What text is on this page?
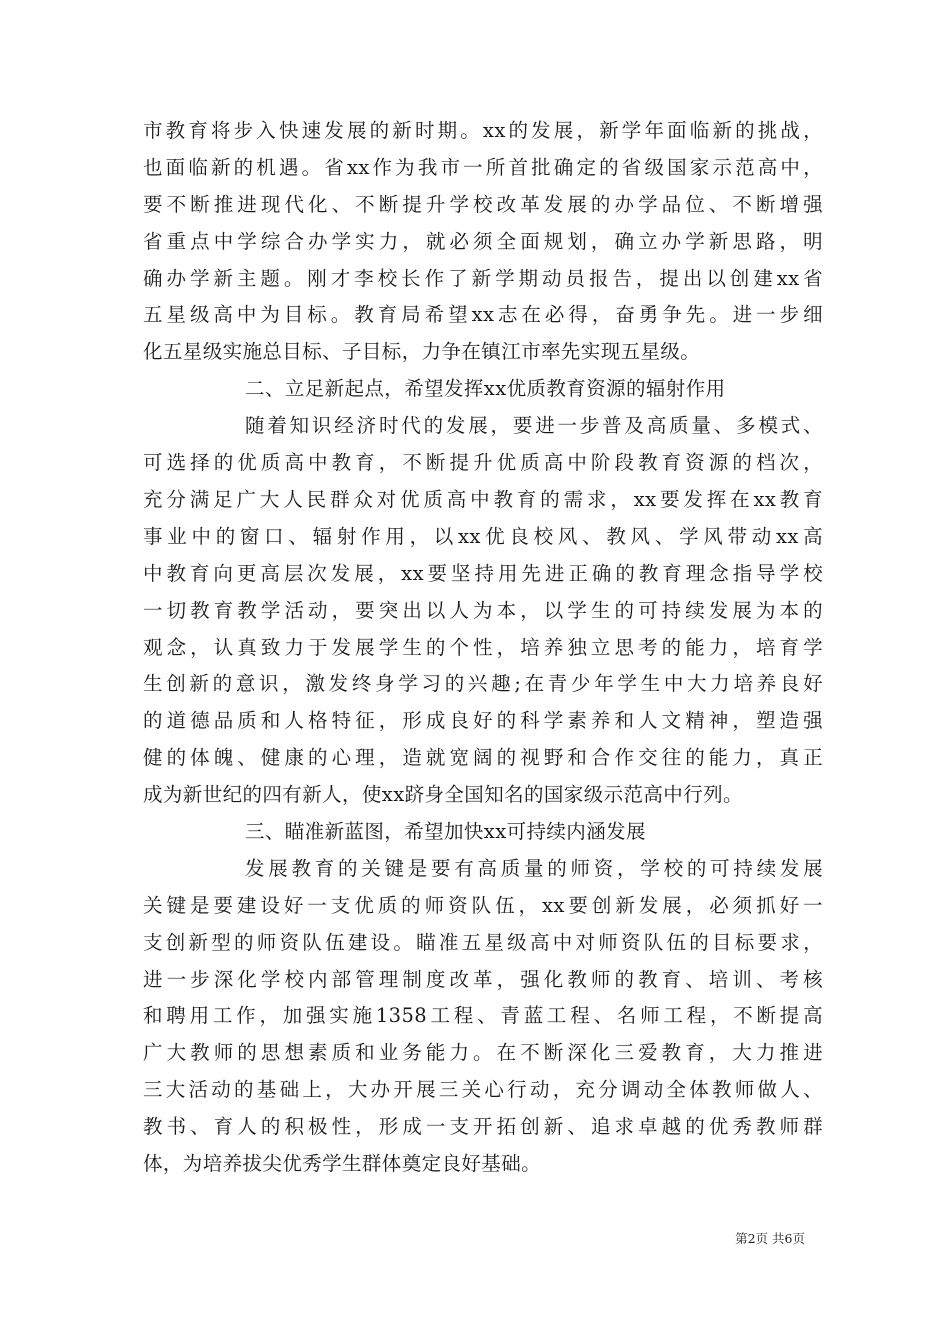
市教育将步入快速发展的新时期。xx的发展，新学年面临新的挑战，
也面临新的机遇。省xx作为我市一所首批确定的省级国家示范高中，
要不断推进现代化、不断提升学校改革发展的办学品位、不断增强
省重点中学综合办学实力，就必须全面规划，确立办学新思路，明
确办学新主题。刚才李校长作了新学期动员报告，提出以创建xx省
五星级高中为目标。教育局希望xx志在必得，奋勇争先。进一步细
化五星级实施总目标、子目标，力争在镇江市率先实现五星级。
二、立足新起点，希望发挥xx优质教育资源的辐射作用
随着知识经济时代的发展，要进一步普及高质量、多模式、
可选择的优质高中教育，不断提升优质高中阶段教育资源的档次，
充分满足广大人民群众对优质高中教育的需求，xx要发挥在xx教育
事业中的窗口、辐射作用，以xx优良校风、教风、学风带动xx高
中教育向更高层次发展，xx要坚持用先进正确的教育理念指导学校
一切教育教学活动，要突出以人为本，以学生的可持续发展为本的
观念，认真致力于发展学生的个性，培养独立思考的能力，培育学
生创新的意识，激发终身学习的兴趣;在青少年学生中大力培养良好
的道德品质和人格特征，形成良好的科学素养和人文精神，塑造强
健的体魄、健康的心理，造就宽阔的视野和合作交往的能力，真正
成为新世纪的四有新人，使xx跻身全国知名的国家级示范高中行列。
三、瞄准新蓝图，希望加快xx可持续内涵发展
发展教育的关键是要有高质量的师资，学校的可持续发展
关键是要建设好一支优质的师资队伍，xx要创新发展，必须抓好一
支创新型的师资队伍建设。瞄准五星级高中对师资队伍的目标要求，
进一步深化学校内部管理制度改革，强化教师的教育、培训、考核
和聘用工作，加强实施1358工程、青蓝工程、名师工程，不断提高
广大教师的思想素质和业务能力。在不断深化三爱教育，大力推进
三大活动的基础上，大办开展三关心行动，充分调动全体教师做人、
教书、育人的积极性，形成一支开拓创新、追求卓越的优秀教师群
体，为培养拔尖优秀学生群体奠定良好基础。
第2页 共6页
